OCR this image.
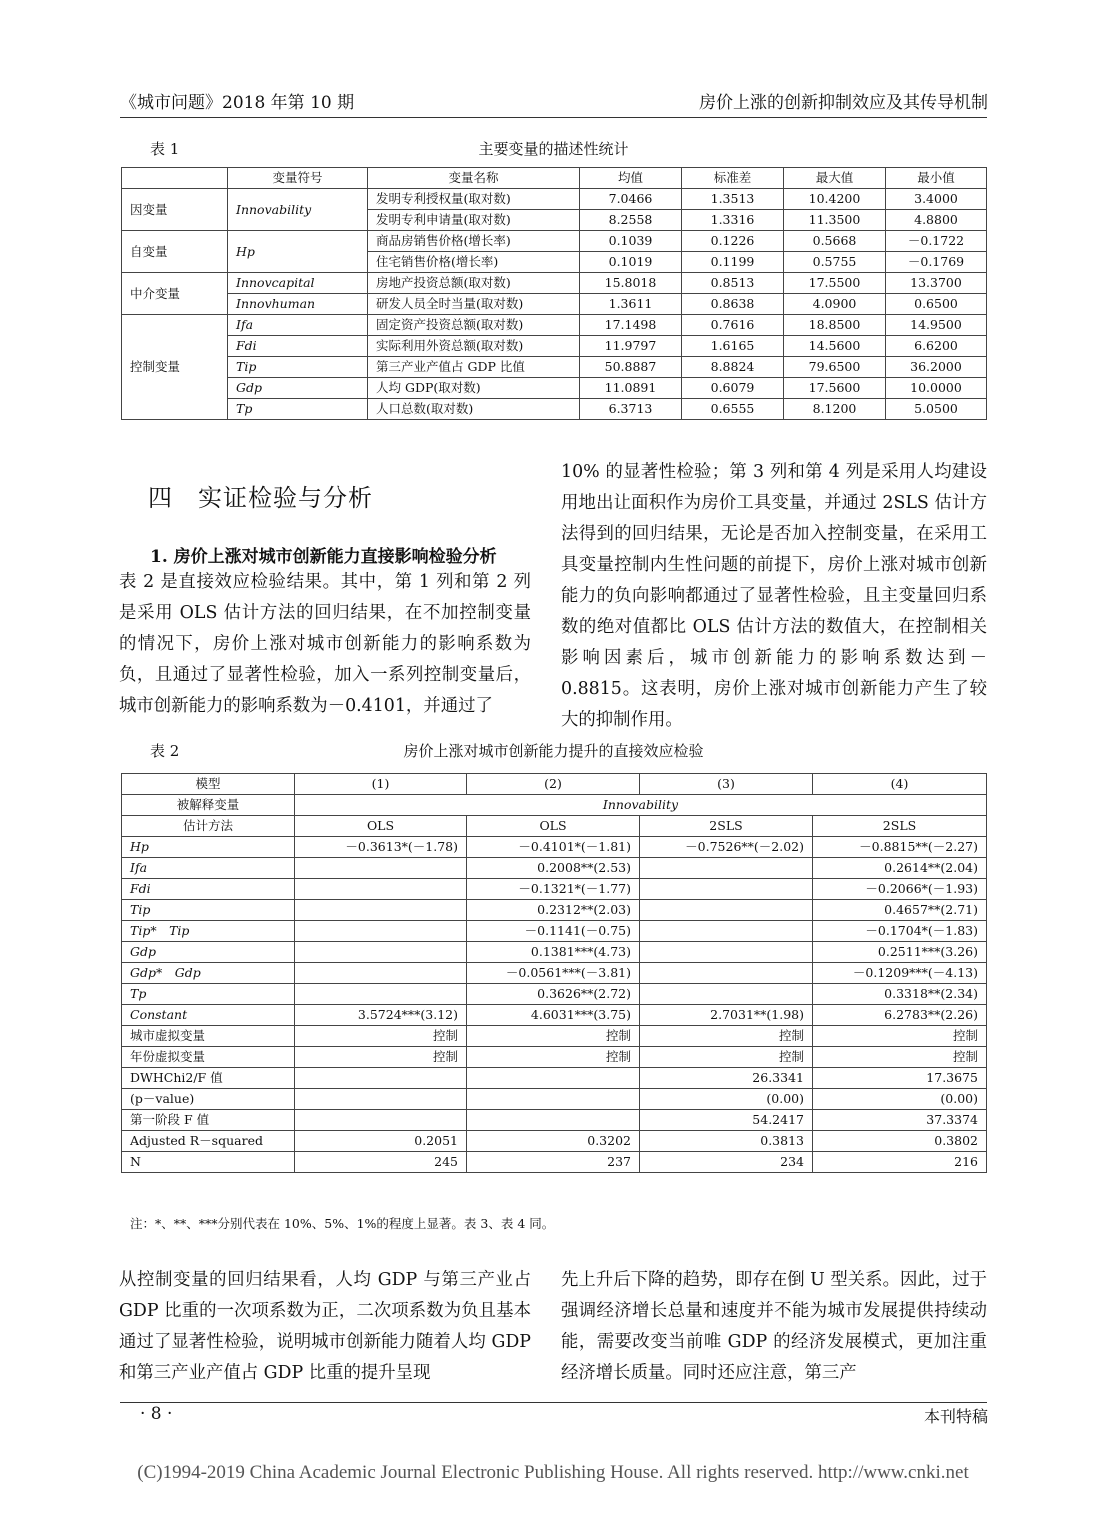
《城市问题》2018 年第 10 期	房价上涨的创新抑制效应及其传导机制
表 1	主要变量的描述性统计
	变量符号	变量名称	均值	标准差	最大值	最小值
因变量	Innovability	发明专利授权量(取对数)	7.0466	1.3513	10.4200	3.4000
		发明专利申请量(取对数)	8.2558	1.3316	11.3500	4.8800
自变量	Hp	商品房销售价格(增长率)	0.1039	0.1226	0.5668	－0.1722
		住宅销售价格(增长率)	0.1019	0.1199	0.5755	－0.1769
中介变量	Innovcapital	房地产投资总额(取对数)	15.8018	0.8513	17.5500	13.3700
	Innovhuman	研发人员全时当量(取对数)	1.3611	0.8638	4.0900	0.6500
控制变量	Ifa	固定资产投资总额(取对数)	17.1498	0.7616	18.8500	14.9500
	Fdi	实际利用外资总额(取对数)	11.9797	1.6165	14.5600	6.6200
	Tip	第三产业产值占 GDP 比值	50.8887	8.8824	79.6500	36.2000
	Gdp	人均 GDP(取对数)	11.0891	0.6079	17.5600	10.0000
	Tp	人口总数(取对数)	6.3713	0.6555	8.1200	5.0500
四　实证检验与分析
1. 房价上涨对城市创新能力直接影响检验分析
表 2 是直接效应检验结果。其中，第 1 列和第 2 列是采用 OLS 估计方法的回归结果，在不加控制变量的情况下，房价上涨对城市创新能力的影响系数为负，且通过了显著性检验，加入一系列控制变量后，城市创新能力的影响系数为－0.4101，并通过了
10% 的显著性检验；第 3 列和第 4 列是采用人均建设用地出让面积作为房价工具变量，并通过 2SLS 估计方法得到的回归结果，无论是否加入控制变量，在采用工具变量控制内生性问题的前提下，房价上涨对城市创新能力的负向影响都通过了显著性检验，且主变量回归系数的绝对值都比 OLS 估计方法的数值大，在控制相关影响因素后，城市创新能力的影响系数达到－0.8815。这表明，房价上涨对城市创新能力产生了较大的抑制作用。
表 2	房价上涨对城市创新能力提升的直接效应检验
模型	(1)	(2)	(3)	(4)
被解释变量	Innovability			
估计方法	OLS	OLS	2SLS	2SLS
Hp	－0.3613*(－1.78)	－0.4101*(－1.81)	－0.7526**(－2.02)	－0.8815**(－2.27)
Ifa		0.2008**(2.53)		0.2614**(2.04)
Fdi		－0.1321*(－1.77)		－0.2066*(－1.93)
Tip		0.2312**(2.03)		0.4657**(2.71)
Tip*　Tip		－0.1141(－0.75)		－0.1704*(－1.83)
Gdp		0.1381***(4.73)		0.2511***(3.26)
Gdp*　Gdp		－0.0561***(－3.81)		－0.1209***(－4.13)
Tp		0.3626**(2.72)		0.3318**(2.34)
Constant	3.5724***(3.12)	4.6031***(3.75)	2.7031**(1.98)	6.2783**(2.26)
城市虚拟变量	控制	控制	控制	控制
年份虚拟变量	控制	控制	控制	控制
DWHChi2/F 值			26.3341	17.3675
(p－value)			(0.00)	(0.00)
第一阶段 F 值			54.2417	37.3374
Adjusted R－squared	0.2051	0.3202	0.3813	0.3802
N	245	237	234	216
注：*、**、***分别代表在 10%、5%、1%的程度上显著。表 3、表 4 同。
从控制变量的回归结果看，人均 GDP 与第三产业占 GDP 比重的一次项系数为正，二次项系数为负且基本通过了显著性检验，说明城市创新能力随着人均 GDP 和第三产业产值占 GDP 比重的提升呈现
先上升后下降的趋势，即存在倒 U 型关系。因此，过于强调经济增长总量和速度并不能为城市发展提供持续动能，需要改变当前唯 GDP 的经济发展模式，更加注重经济增长质量。同时还应注意，第三产
· 8 ·	本刊特稿
(C)1994-2019 China Academic Journal Electronic Publishing House. All rights reserved. http://www.cnki.net
